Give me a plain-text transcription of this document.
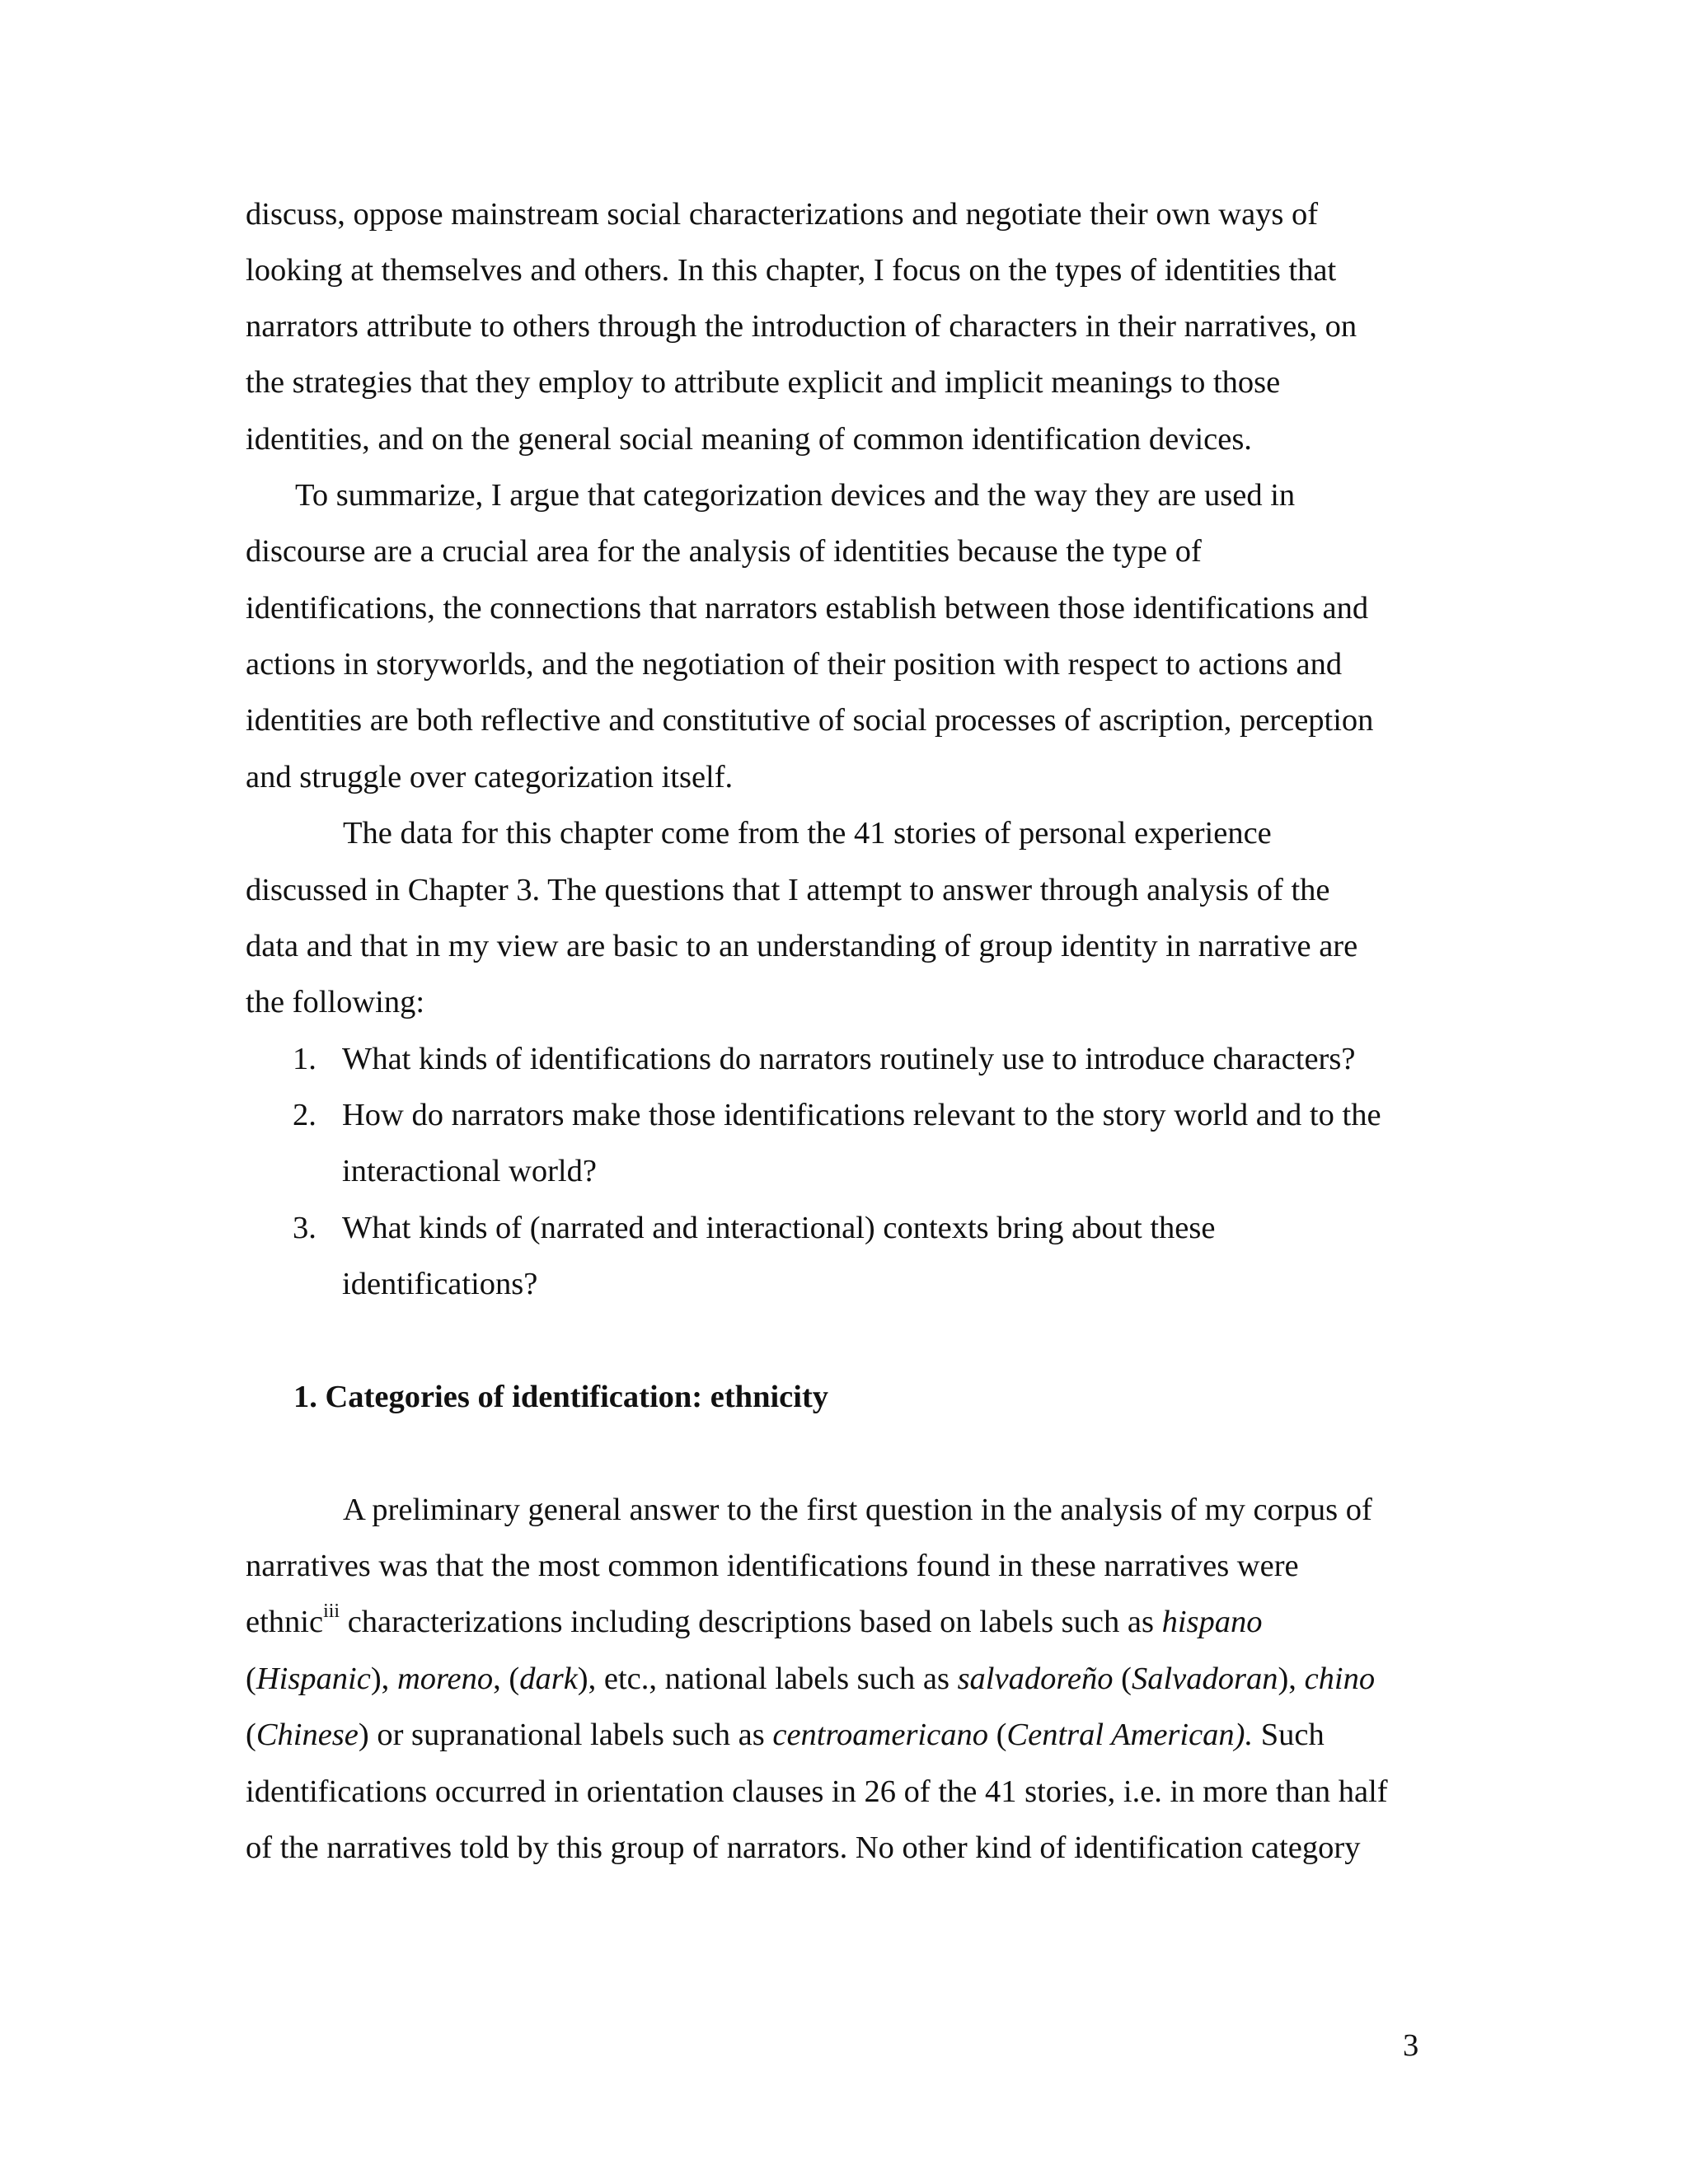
discuss, oppose mainstream social characterizations and negotiate their own ways of
looking at themselves and others. In this chapter, I focus on the types of identities that
narrators attribute to others through the introduction of characters in their narratives, on
the strategies that they employ to attribute explicit and implicit meanings to those
identities, and on the general social meaning of common identification devices.
To summarize, I argue that categorization devices and the way they are used in
discourse are a crucial area for the analysis of identities because the type of
identifications, the connections that narrators establish between those identifications and
actions in storyworlds, and the negotiation of their position with respect to actions and
identities are both reflective and constitutive of social processes of ascription, perception
and struggle over categorization itself.
The data for this chapter come from the 41 stories of personal experience
discussed in Chapter 3. The questions that I attempt to answer through analysis of the
data and that in my view are basic to an understanding of group identity in narrative are
the following:
1. What kinds of identifications do narrators routinely use to introduce characters?
2. How do narrators make those identifications relevant to the story world and to the
interactional world?
3. What kinds of (narrated and interactional) contexts bring about these
identifications?
1. Categories of identification: ethnicity
A preliminary general answer to the first question in the analysis of my corpus of
narratives was that the most common identifications found in these narratives were
ethnic$^{iii}$ characterizations including descriptions based on labels such as hispano
(Hispanic), moreno, (dark), etc., national labels such as salvadoreño (Salvadoran), chino
(Chinese) or supranational labels such as centroamericano (Central American). Such
identifications occurred in orientation clauses in 26 of the 41 stories, i.e. in more than half
of the narratives told by this group of narrators. No other kind of identification category
3
